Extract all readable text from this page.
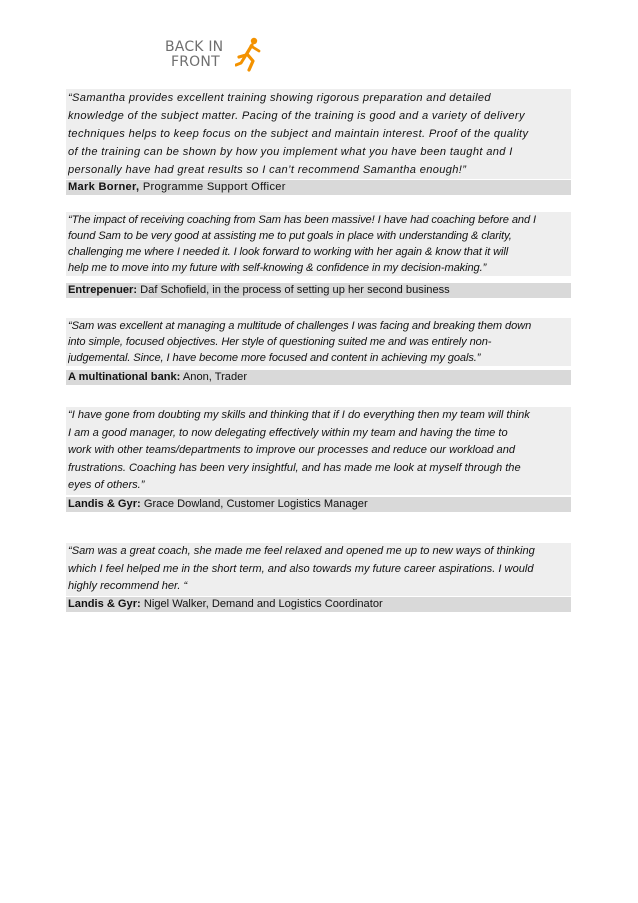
BACK IN
FRONT
“Samantha provides excellent training showing rigorous preparation and detailed
knowledge of the subject matter. Pacing of the training is good and a variety of delivery
techniques helps to keep focus on the subject and maintain interest. Proof of the quality
of the training can be shown by how you implement what you have been taught and I
personally have had great results so I can’t recommend Samantha enough!”
Mark Borner, Programme Support Officer
“The impact of receiving coaching from Sam has been massive! I have had coaching before and I
found Sam to be very good at assisting me to put goals in place with understanding & clarity,
challenging me where I needed it. I look forward to working with her again & know that it will
help me to move into my future with self-knowing & confidence in my decision-making.”
Entrepenuer: Daf Schofield, in the process of setting up her second business
“Sam was excellent at managing a multitude of challenges I was facing and breaking them down
into simple, focused objectives. Her style of questioning suited me and was entirely non-
judgemental. Since, I have become more focused and content in achieving my goals.”
A multinational bank: Anon, Trader
“I have gone from doubting my skills and thinking that if I do everything then my team will think
I am a good manager, to now delegating effectively within my team and having the time to
work with other teams/departments to improve our processes and reduce our workload and
frustrations. Coaching has been very insightful, and has made me look at myself through the
eyes of others.”
Landis & Gyr: Grace Dowland, Customer Logistics Manager
“Sam was a great coach, she made me feel relaxed and opened me up to new ways of thinking
which I feel helped me in the short term, and also towards my future career aspirations. I would
highly recommend her. “
Landis & Gyr: Nigel Walker, Demand and Logistics Coordinator
